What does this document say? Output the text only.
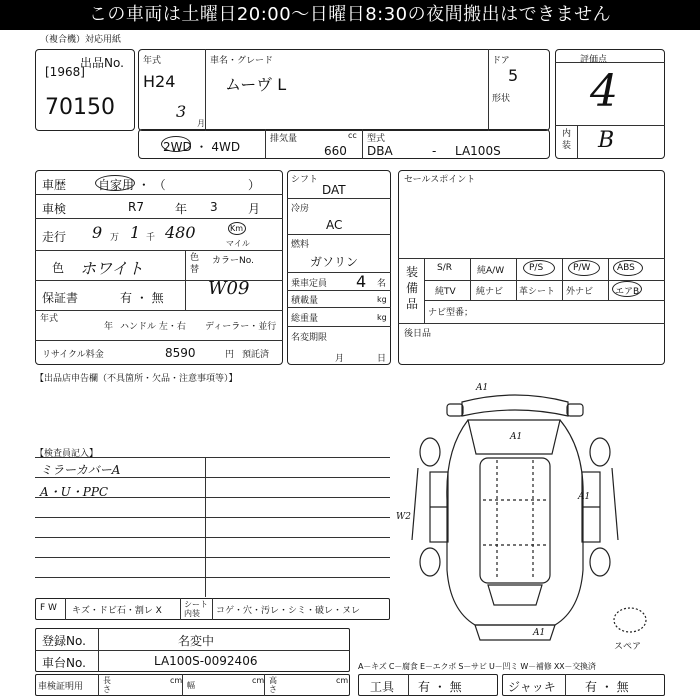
この車両は土曜日20:00～日曜日8:30の夜間搬出はできません
（複合機）対応用紙
出品No.
[1968]
70150
年式
H24
3
月
車名・グレード
ムーヴ L
ドア
5
形状
2WD ・ 4WD
排気量	cc
660
型式
DBA	- LA100S
評価点
4
内装 B
車歴	自家用 ・ （	）
車検	R7	年 3	月
走行 9 万 1 千 480	Km
マイル
色 ホワイト
色替
カラーNo.
保証書	有 ・ 無 W09
年式
年 ハンドル 左・右 ディーラー・並行
リサイクル料金	8590	円 預託済
シフト
DAT
冷房
AC
燃料
ガソリン
乗車定員 4 名
積載量	kg
総重量	kg
名変期限
月	日
セールスポイント
装備品
S/R	純A/W	P/S	P/W	ABS
純TV 純ナビ 革シート 外ナビ エアB
ナビ型番；
後日品
【出品店申告欄（不具箇所・欠品・注意事項等）】
【検査員記入】
ミラーカバーA
A・U・PPC
A1
A1
A1
W2
A1
スペア
F W キズ・ドビ石・割レ X
シート内装	コゲ・穴・汚レ・シミ・破レ・ヌレ
登録No.	名変中
車台No.	LA100S-0092406
車検証明用
長さ
cm
幅
cm 高さ
cm
A－キズ C－腐食 E－エクボ S－サビ U－凹ミ W－補修 XX－交換済
工具 有 ・ 無	ジャッキ 有 ・ 無
